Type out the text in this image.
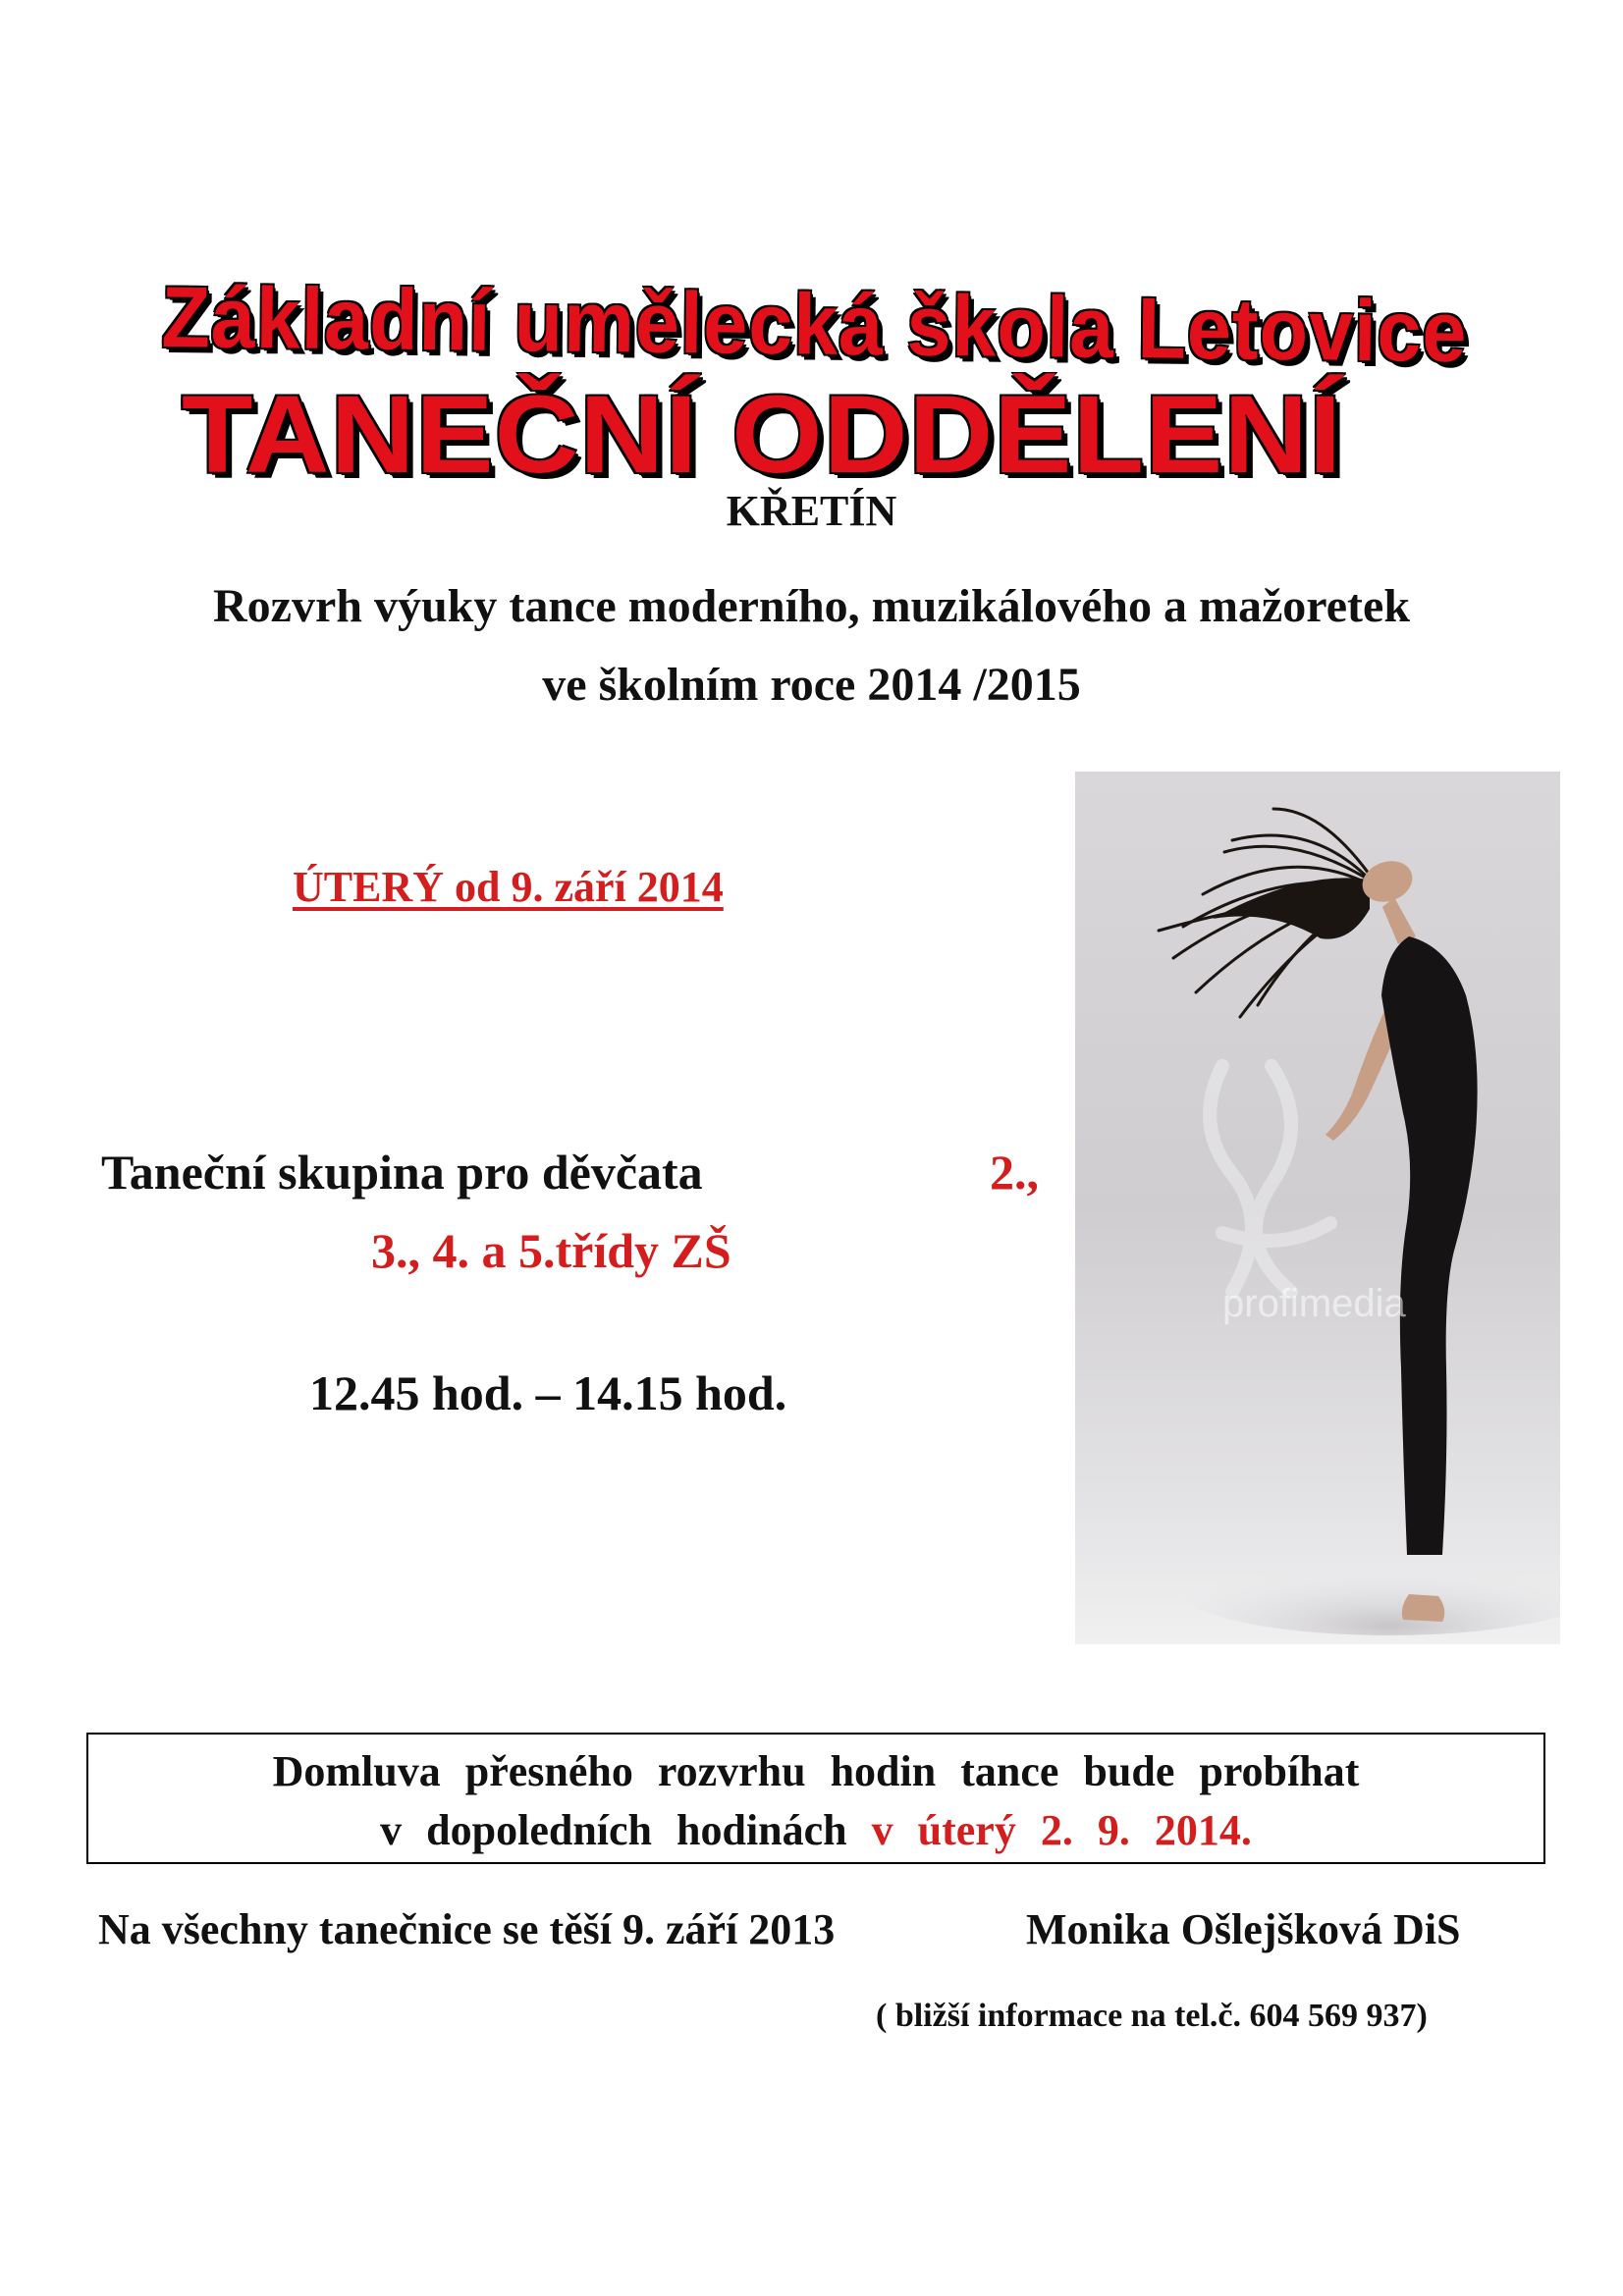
Základní umělecká škola Letovice
TANEČNÍ ODDĚLENÍ
KŘETÍN
Rozvrh výuky tance moderního, muzikálového a mažoretek
ve školním roce 2014 /2015
ÚTERÝ od 9. září 2014
Taneční skupina pro děvčata	2.,
3., 4. a 5.třídy ZŠ
12.45 hod. – 14.15 hod.
profimedia
Domluva přesného rozvrhu hodin tance bude probíhat
v dopoledních hodinách v úterý 2. 9. 2014.
Na všechny tanečnice se těší 9. září 2013	Monika Ošlejšková DiS
( bližší informace na tel.č. 604 569 937)
